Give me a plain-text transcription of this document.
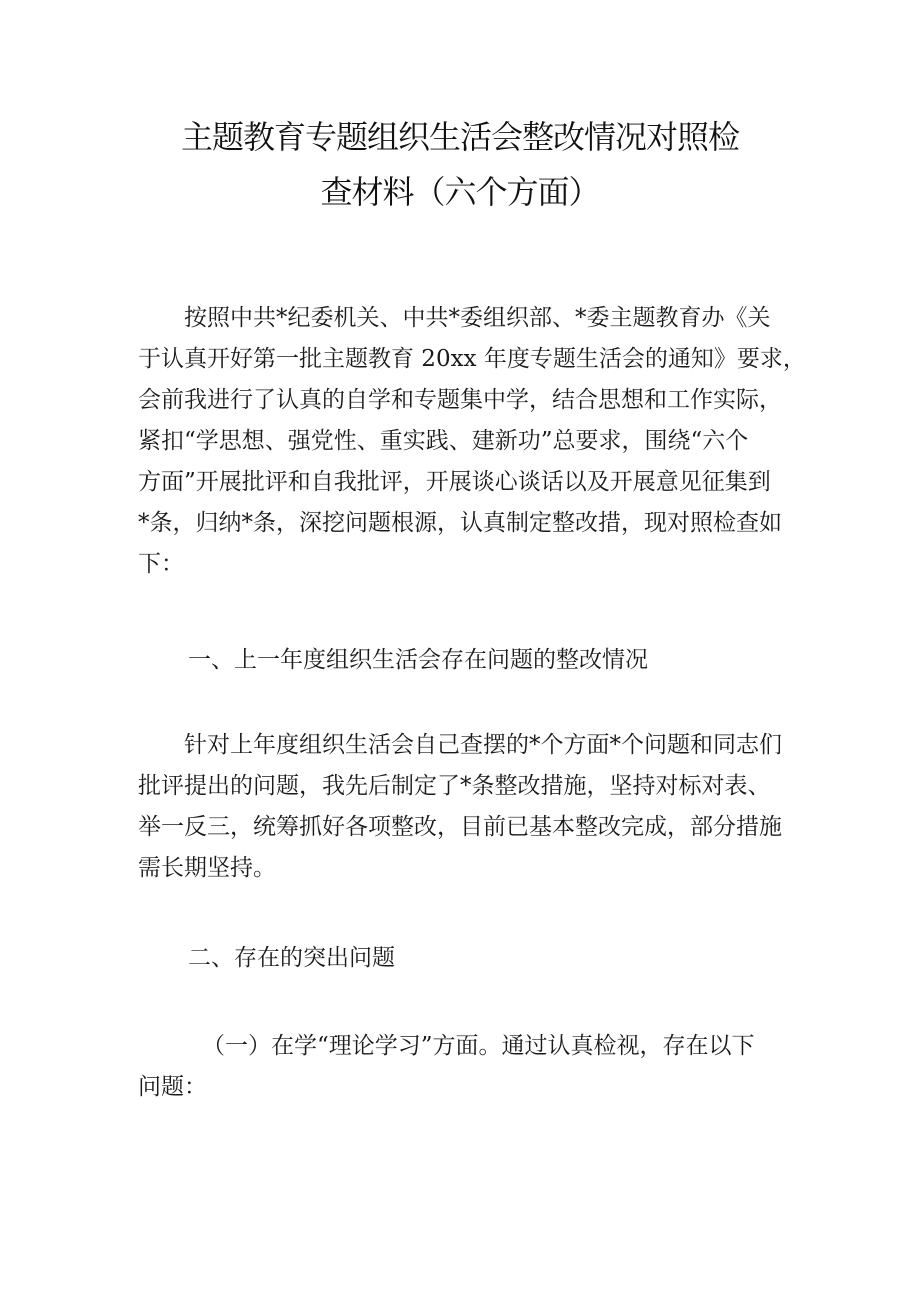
主题教育专题组织生活会整改情况对照检
查材料（六个方面）

按照中共*纪委机关、中共*委组织部、*委主题教育办《关
于认真开好第一批主题教育 20xx 年度专题生活会的通知》要求，
会前我进行了认真的自学和专题集中学，结合思想和工作实际，
紧扣“学思想、强党性、重实践、建新功”总要求，围绕“六个
方面”开展批评和自我批评，开展谈心谈话以及开展意见征集到
*条，归纳*条，深挖问题根源，认真制定整改措，现对照检查如
下：

一、上一年度组织生活会存在问题的整改情况

针对上年度组织生活会自己查摆的*个方面*个问题和同志们
批评提出的问题，我先后制定了*条整改措施，坚持对标对表、
举一反三，统筹抓好各项整改，目前已基本整改完成，部分措施
需长期坚持。

二、存在的突出问题

（一）在学“理论学习”方面。通过认真检视，存在以下
问题：
